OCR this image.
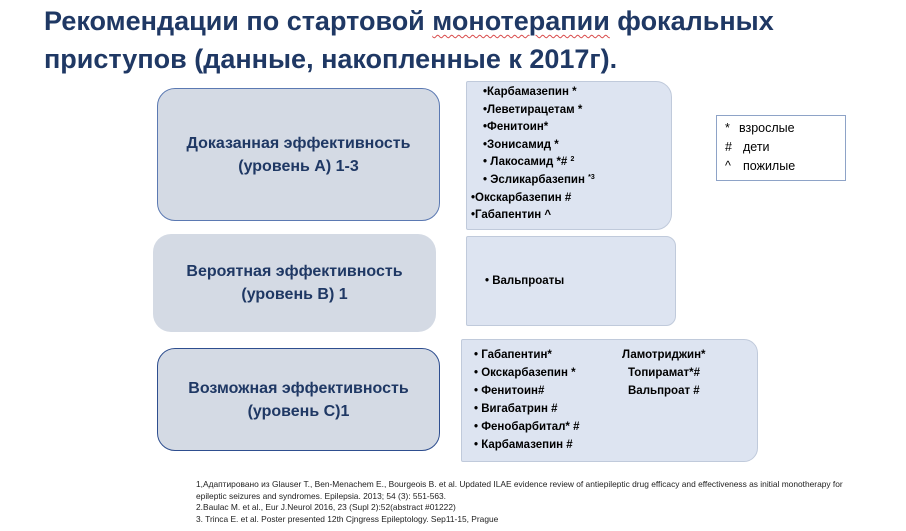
Рекомендации по стартовой монотерапии фокальных приступов (данные, накопленные к 2017г).
Доказанная эффективность
(уровень А) 1-3
Вероятная эффективность
(уровень В) 1
Возможная эффективность
(уровень С)1
•Карбамазепин *
•Леветирацетам *
•Фенитоин*
•Зонисамид *
• Лакосамид *# $^2$
• Эсликарбазепин $^{*3}$
•Окскарбазепин #
•Габапентин ^
• Вальпроаты
• Габапентин*
• Окскарбазепин *
• Фенитоин#
• Вигабатрин #
• Фенобарбитал* #
• Карбамазепин #
Ламотриджин*
Топирамат*#
Вальпроат #
* взрослые
# дети
^ пожилые
1,Адаптировано из Glauser T., Ben-Menachem E., Bourgeois B. et al. Updated ILAE evidence review of antiepileptic drug efficacy and effectiveness as initial monotherapy for epileptic seizures and syndromes. Epilepsia. 2013; 54 (3): 551-563.
2.Baulac M. et al., Eur J.Neurol 2016, 23 (Supl 2):52(abstract #01222)
3. Trinca E. et al. Poster presented 12th Cjngress Epileptology. Sep11-15, Prague
